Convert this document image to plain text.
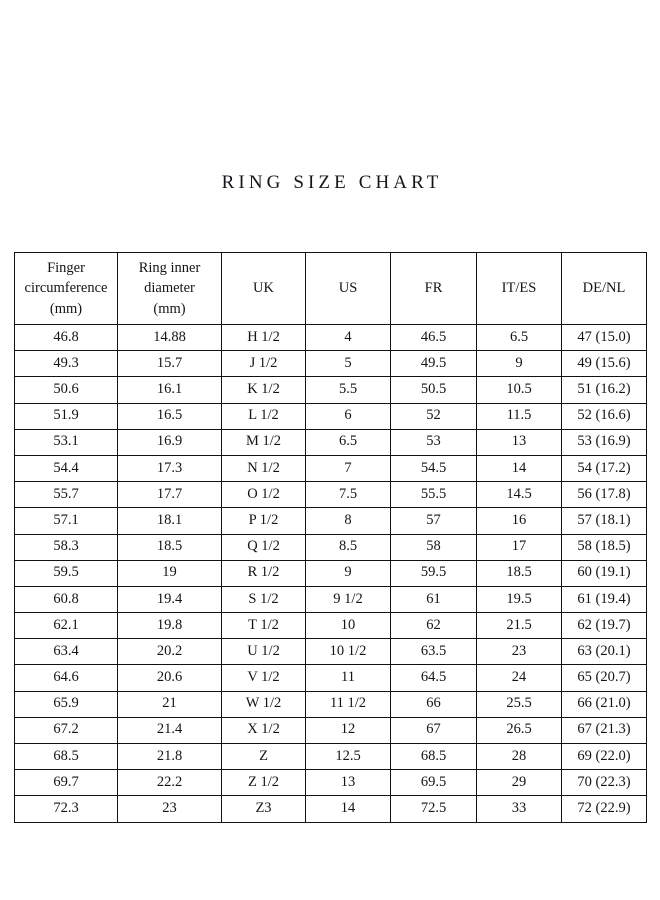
RING SIZE CHART
Finger
circumference
(mm)	Ring inner
diameter
(mm)	UK	US	FR	IT/ES	DE/NL

46.8	14.88	H 1/2	4	46.5	6.5	47 (15.0)
49.3	15.7	J 1/2	5	49.5	9	49 (15.6)
50.6	16.1	K 1/2	5.5	50.5	10.5	51 (16.2)
51.9	16.5	L 1/2	6	52	11.5	52 (16.6)
53.1	16.9	M 1/2	6.5	53	13	53 (16.9)
54.4	17.3	N 1/2	7	54.5	14	54 (17.2)
55.7	17.7	O 1/2	7.5	55.5	14.5	56 (17.8)
57.1	18.1	P 1/2	8	57	16	57 (18.1)
58.3	18.5	Q 1/2	8.5	58	17	58 (18.5)
59.5	19	R 1/2	9	59.5	18.5	60 (19.1)
60.8	19.4	S 1/2	9 1/2	61	19.5	61 (19.4)
62.1	19.8	T 1/2	10	62	21.5	62 (19.7)
63.4	20.2	U 1/2	10 1/2	63.5	23	63 (20.1)
64.6	20.6	V 1/2	11	64.5	24	65 (20.7)
65.9	21	W 1/2	11 1/2	66	25.5	66 (21.0)
67.2	21.4	X 1/2	12	67	26.5	67 (21.3)
68.5	21.8	Z	12.5	68.5	28	69 (22.0)
69.7	22.2	Z 1/2	13	69.5	29	70 (22.3)
72.3	23	Z3	14	72.5	33	72 (22.9)
